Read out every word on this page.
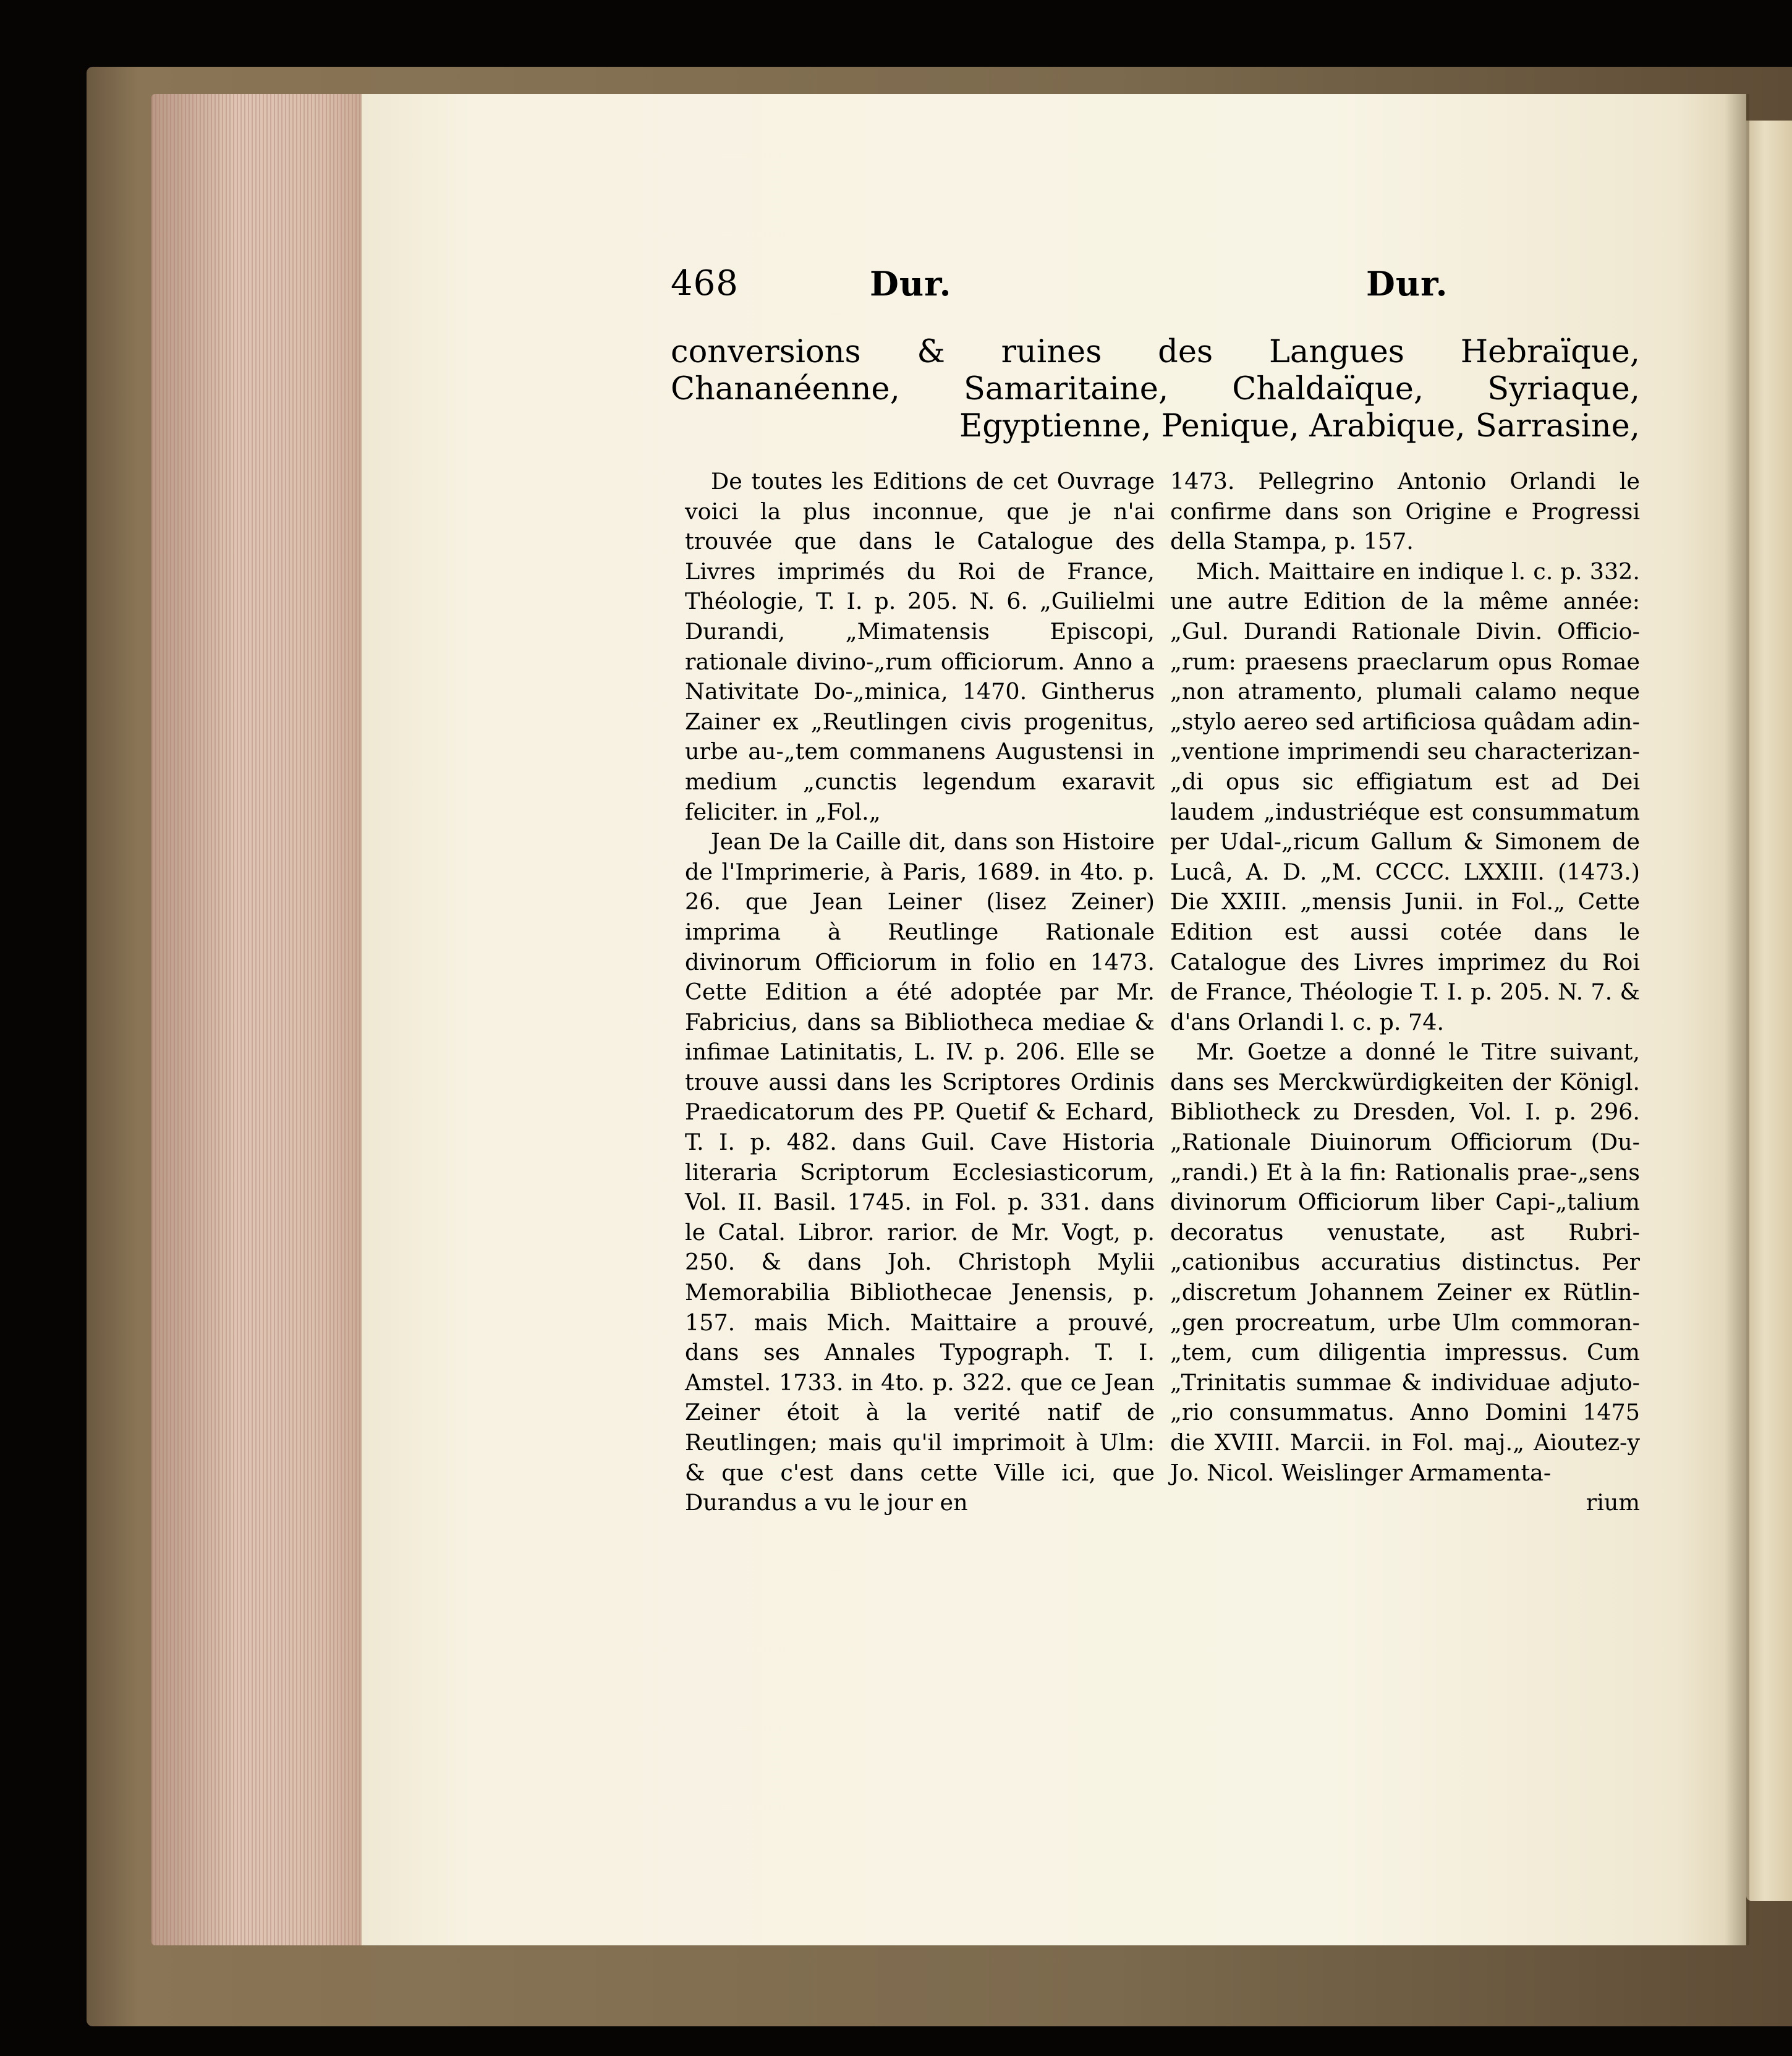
468	Dur.	Dur.
conversions & ruines des Langues Hebraïque, Chananéenne, Samaritaine, Chaldaïque, Syriaque, Egyptienne, Penique, Arabique, Sarrasine,

De toutes les Editions de cet Ouvrage voici la plus inconnue, que je n'ai trouvée que dans le Catalogue des Livres imprimés du Roi de France, Théologie, T. I. p. 205. N. 6. „Guilielmi Durandi, „Mimatensis Episcopi, rationale divino-„rum officiorum. Anno a Nativitate Do-„minica, 1470. Gintherus Zainer ex „Reutlingen civis progenitus, urbe au-„tem commanens Augustensi in medium „cunctis legendum exaravit feliciter. in „Fol.„

Jean De la Caille dit, dans son Histoire de l'Imprimerie, à Paris, 1689. in 4to. p. 26. que Jean Leiner (lisez Zeiner) imprima à Reutlinge Rationale divinorum Officiorum in folio en 1473. Cette Edition a été adoptée par Mr. Fabricius, dans sa Bibliotheca mediae & infimae Latinitatis, L. IV. p. 206. Elle se trouve aussi dans les Scriptores Ordinis Praedicatorum des PP. Quetif & Echard, T. I. p. 482. dans Guil. Cave Historia literaria Scriptorum Ecclesiasticorum, Vol. II. Basil. 1745. in Fol. p. 331. dans le Catal. Libror. rarior. de Mr. Vogt, p. 250. & dans Joh. Christoph Mylii Memorabilia Bibliothecae Jenensis, p. 157. mais Mich. Maittaire a prouvé, dans ses Annales Typograph. T. I. Amstel. 1733. in 4to. p. 322. que ce Jean Zeiner étoit à la verité natif de Reutlingen; mais qu'il imprimoit à Ulm: & que c'est dans cette Ville ici, que Durandus a vu le jour en

1473. Pellegrino Antonio Orlandi le confirme dans son Origine e Progressi della Stampa, p. 157.

Mich. Maittaire en indique l. c. p. 332. une autre Edition de la même année: „Gul. Durandi Rationale Divin. Officio-„rum: praesens praeclarum opus Romae „non atramento, plumali calamo neque „stylo aereo sed artificiosa quâdam adin-„ventione imprimendi seu characterizan-„di opus sic effigiatum est ad Dei laudem „industriéque est consummatum per Udal-„ricum Gallum & Simonem de Lucâ, A. D. „M. CCCC. LXXIII. (1473.) Die XXIII. „mensis Junii. in Fol.„ Cette Edition est aussi cotée dans le Catalogue des Livres imprimez du Roi de France, Théologie T. I. p. 205. N. 7. & d'ans Orlandi l. c. p. 74.

Mr. Goetze a donné le Titre suivant, dans ses Merckwürdigkeiten der Königl. Bibliotheck zu Dresden, Vol. I. p. 296. „Rationale Diuinorum Officiorum (Du-„randi.) Et à la fin: Rationalis prae-„sens divinorum Officiorum liber Capi-„talium decoratus venustate, ast Rubri-„cationibus accuratius distinctus. Per „discretum Johannem Zeiner ex Rütlin-„gen procreatum, urbe Ulm commoran-„tem, cum diligentia impressus. Cum „Trinitatis summae & individuae adjuto-„rio consummatus. Anno Domini 1475 die XVIII. Marcii. in Fol. maj.„ Aioutez-y Jo. Nicol. Weislinger Armamenta-

rium
